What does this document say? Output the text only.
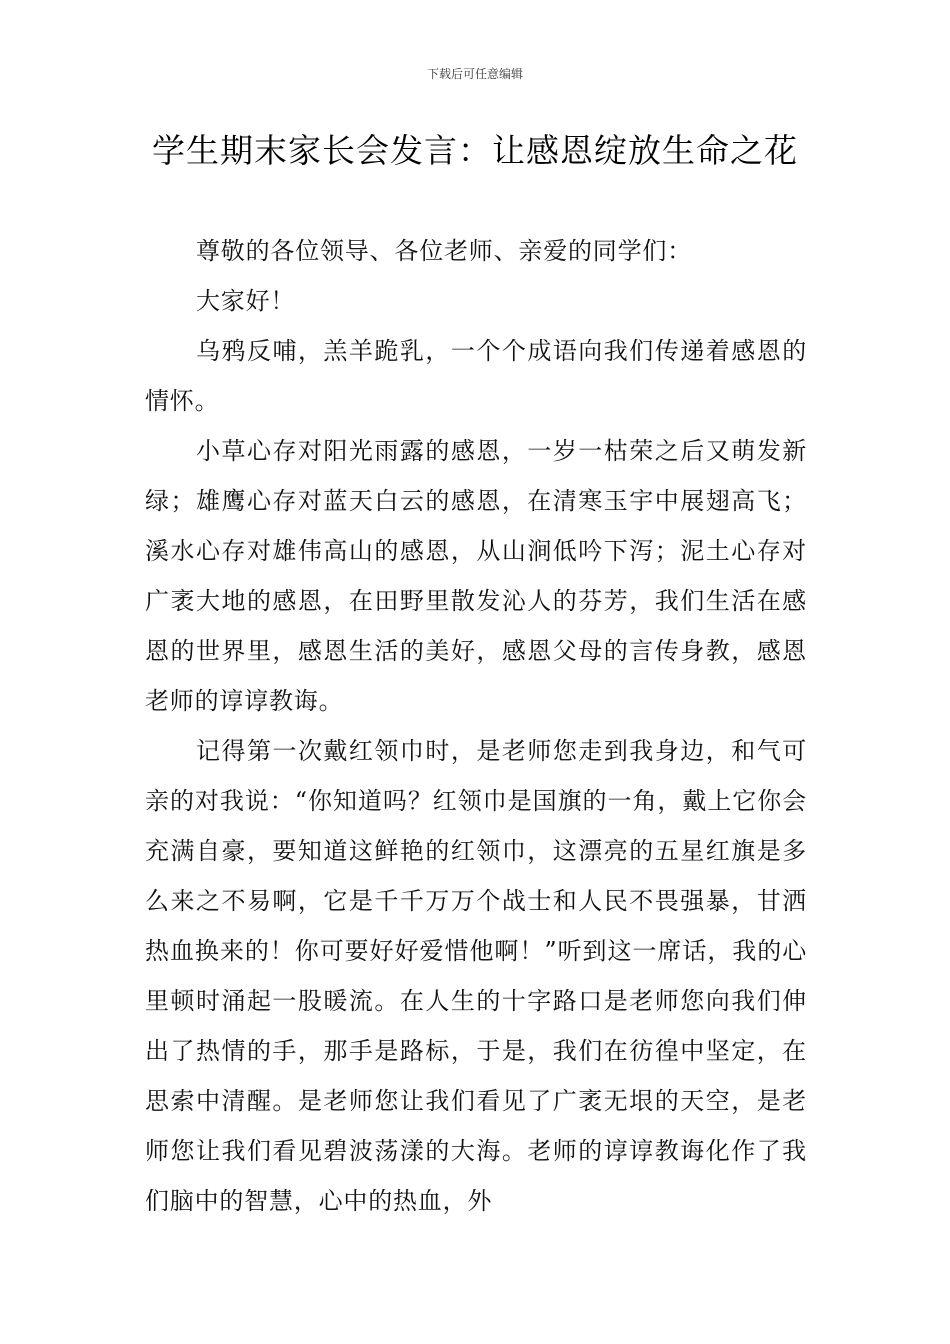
下载后可任意编辑
学生期末家长会发言：让感恩绽放生命之花

尊敬的各位领导、各位老师、亲爱的同学们：

大家好！

乌鸦反哺，羔羊跪乳，一个个成语向我们传递着感恩的情怀。

小草心存对阳光雨露的感恩，一岁一枯荣之后又萌发新绿；雄鹰心存对蓝天白云的感恩，在清寒玉宇中展翅高飞；溪水心存对雄伟高山的感恩，从山涧低吟下泻；泥土心存对广袤大地的感恩，在田野里散发沁人的芬芳，我们生活在感恩的世界里，感恩生活的美好，感恩父母的言传身教，感恩老师的谆谆教诲。

记得第一次戴红领巾时，是老师您走到我身边，和气可亲的对我说：“你知道吗？红领巾是国旗的一角，戴上它你会充满自豪，要知道这鲜艳的红领巾，这漂亮的五星红旗是多么来之不易啊，它是千千万万个战士和人民不畏强暴，甘洒热血换来的！你可要好好爱惜他啊！”听到这一席话，我的心里顿时涌起一股暖流。在人生的十字路口是老师您向我们伸出了热情的手，那手是路标，于是，我们在彷徨中坚定，在思索中清醒。是老师您让我们看见了广袤无垠的天空，是老师您让我们看见碧波荡漾的大海。老师的谆谆教诲化作了我们脑中的智慧，心中的热血，外
